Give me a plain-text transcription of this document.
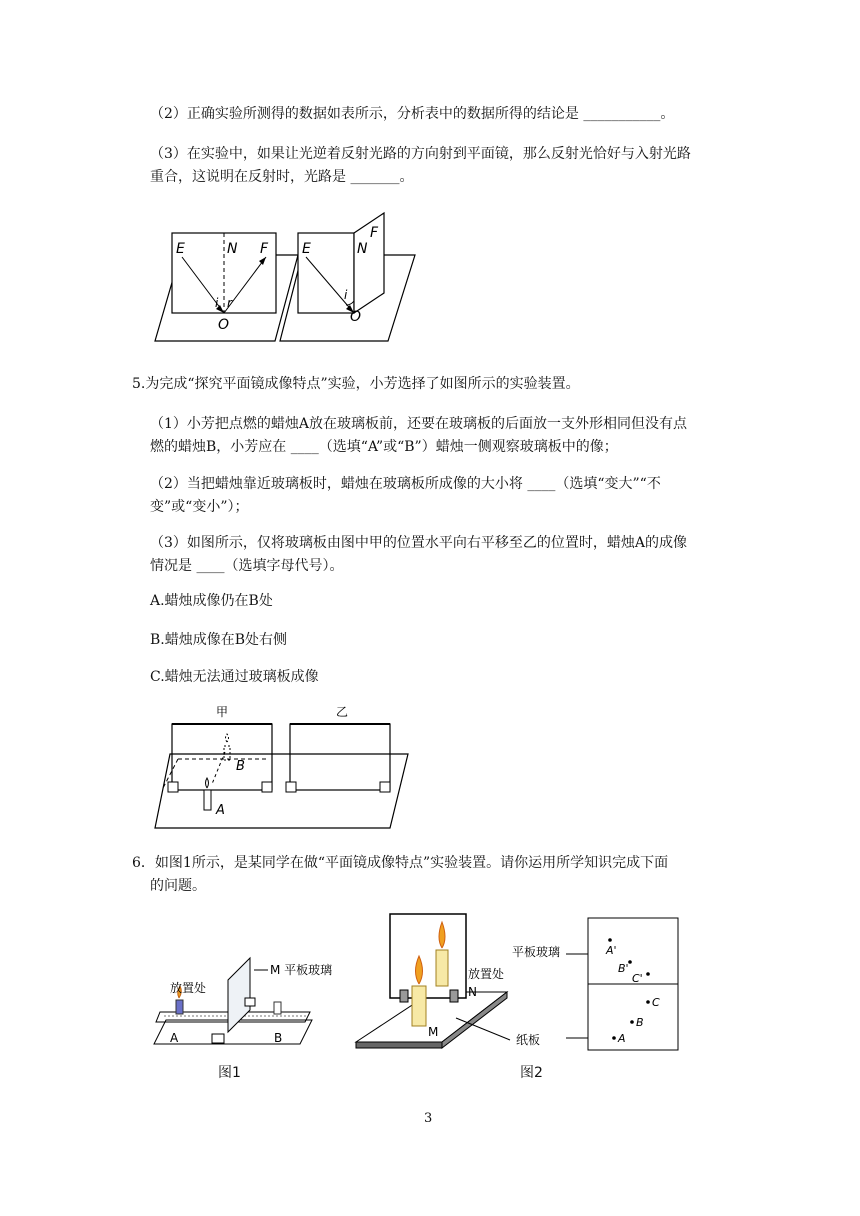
（2）正确实验所测得的数据如表所示，分析表中的数据所得的结论是 ___________。
（3）在实验中，如果让光逆着反射光路的方向射到平面镜，那么反射光恰好与入射光路
重合，这说明在反射时，光路是 _______。
E	N F
i r
O
E	N
F
i
O
5.为完成“探究平面镜成像特点”实验，小芳选择了如图所示的实验装置。
（1）小芳把点燃的蜡烛A放在玻璃板前，还要在玻璃板的后面放一支外形相同但没有点
燃的蜡烛B，小芳应在 ____（选填“A”或“B”）蜡烛一侧观察玻璃板中的像；
（2）当把蜡烛靠近玻璃板时，蜡烛在玻璃板所成像的大小将 ____（选填“变大”“不
变”或“变小”）；
（3）如图所示，仅将玻璃板由图中甲的位置水平向右平移至乙的位置时，蜡烛A的成像
情况是 ____（选填字母代号）。
A.蜡烛成像仍在B处
B.蜡烛成像在B处右侧
C.蜡烛无法通过玻璃板成像
甲	乙
B
A
6．如图1所示，是某同学在做“平面镜成像特点”实验装置。请你运用所学知识完成下面
的问题。
M 平板玻璃
放置处
A	B
图1
放置处
N
M
纸板
平板玻璃	A'
B'
C'
C
B
A
图2
3
